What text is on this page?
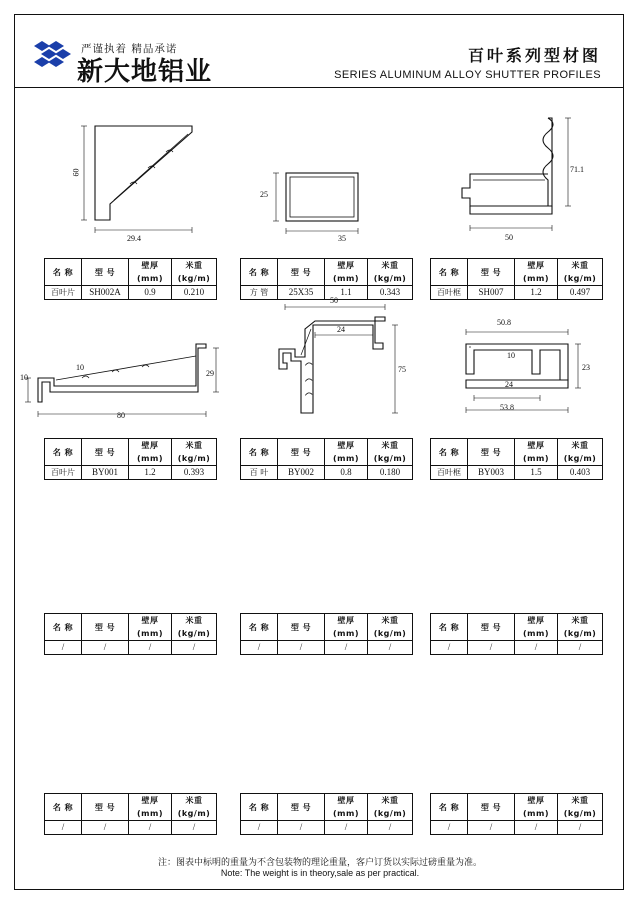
严谨执着 精品承诺
新大地铝业
百叶系列型材图
SERIES ALUMINUM ALLOY SHUTTER PROFILES
60
29.4
25
35
71.1
50
名 称	型 号	壁厚(mm)	米重(kg/m)
百叶片	SH002A	0.9	0.210
名 称	型 号	壁厚(mm)	米重(kg/m)
方 管	25X35	1.1	0.343
名 称	型 号	壁厚(mm)	米重(kg/m)
百叶框	SH007	1.2	0.497
10
10
29
80
50
24
75
50.8
10
23
24
53.8
名 称	型 号	壁厚(mm)	米重(kg/m)
百叶片	BY001	1.2	0.393
名 称	型 号	壁厚(mm)	米重(kg/m)
百 叶	BY002	0.8	0.180
名 称	型 号	壁厚(mm)	米重(kg/m)
百叶框	BY003	1.5	0.403
名 称	型 号	壁厚(mm)	米重(kg/m)
/	/	/	/
名 称	型 号	壁厚(mm)	米重(kg/m)
/	/	/	/
名 称	型 号	壁厚(mm)	米重(kg/m)
/	/	/	/
名 称	型 号	壁厚(mm)	米重(kg/m)
/	/	/	/
名 称	型 号	壁厚(mm)	米重(kg/m)
/	/	/	/
名 称	型 号	壁厚(mm)	米重(kg/m)
/	/	/	/
注：图表中标明的重量为不含包装物的理论重量，客户订货以实际过磅重量为准。
Note: The weight is in theory,sale as per practical.
